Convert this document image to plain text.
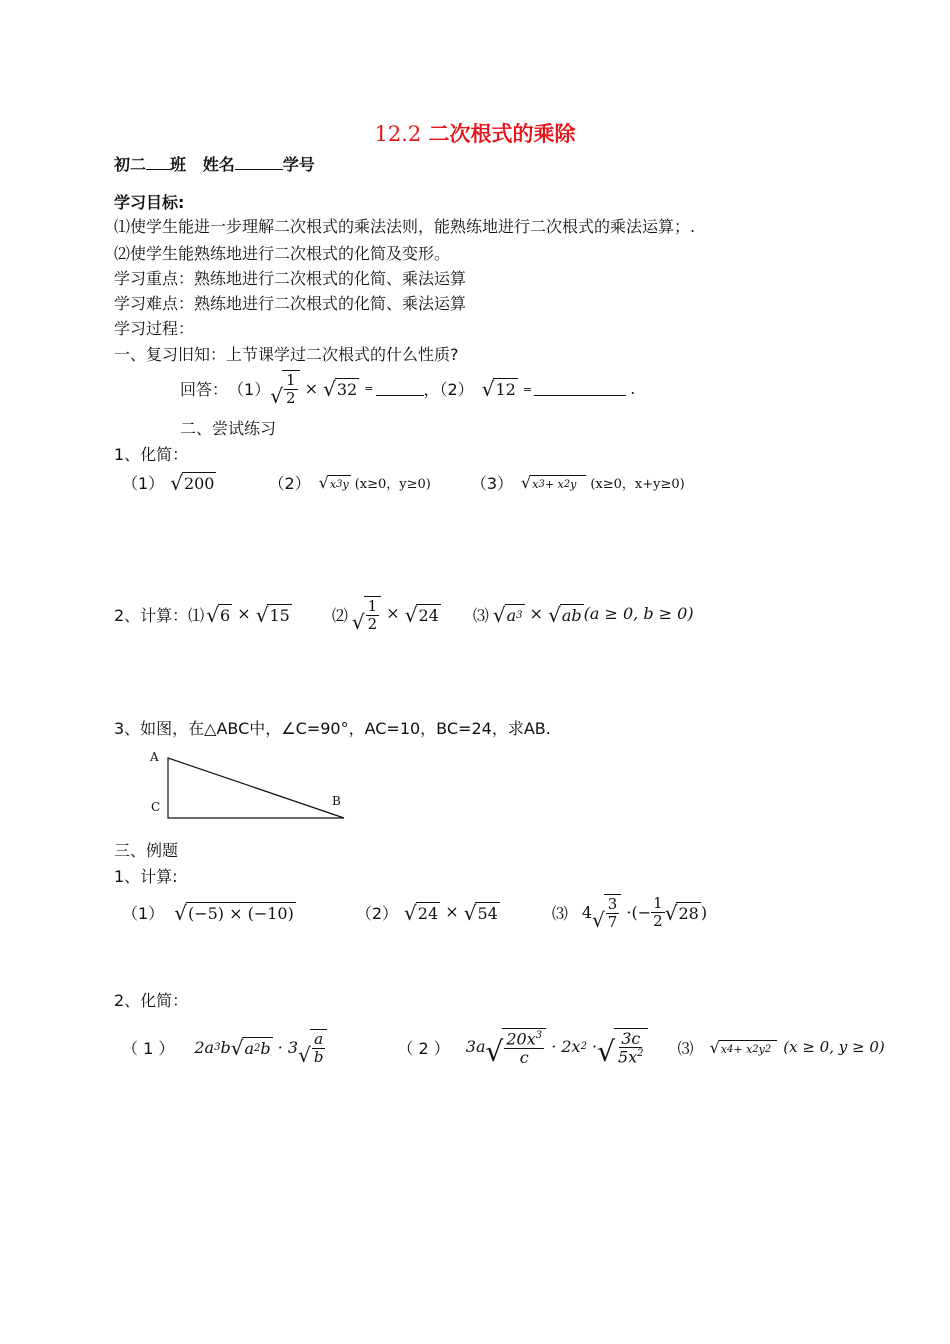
12.2 二次根式的乘除
初二 班 姓名	学号
学习目标:
⑴使学生能进一步理解二次根式的乘法法则，能熟练地进行二次根式的乘法运算；.
⑵使学生能熟练地进行二次根式的化简及变形。
学习重点：熟练地进行二次根式的化简、乘法运算
学习难点：熟练地进行二次根式的化简、乘法运算
学习过程：
一、复习旧知：上节课学过二次根式的什么性质?
回答： （1） √ $\frac{1}{2}$ × √ 32
=	，（2） √ 12 =	.
二、尝试练习
1、化简：
（1） √ 200	（2） √ x 3 y (x≥0，y≥0)	（3） √ x 3 + x 2 y	(x≥0，x+y≥0)
2、计算：⑴ √ 6 × √ 15	⑵ √ $\frac{1}{2}$ × √ 24 ⑶ √ a 3 × √ ab (a ≥ 0, b ≥ 0)
3、如图，在△ABC中，∠C=90°，AC=10，BC=24，求AB.
A
C	B
三、例题
1、计算:
（1） √ (−5) × (−10)	（2） √ 24 × √ 54	⑶ 4 √ $\frac{3}{7}$ ·(− $\frac{1}{2}$ √ 28 )
2、化简：
（ 1 ） 2a 3 b √ a 2 b · 3 √ $\frac{a}{b}$	（ 2 ） 3a √ $\frac{20x^3}{c} \cdot 2x$ 2 · √ $\frac{3c}{5x^2}$ ⑶ √ x 4 + x 2 y 2 (x ≥ 0, y ≥ 0)
